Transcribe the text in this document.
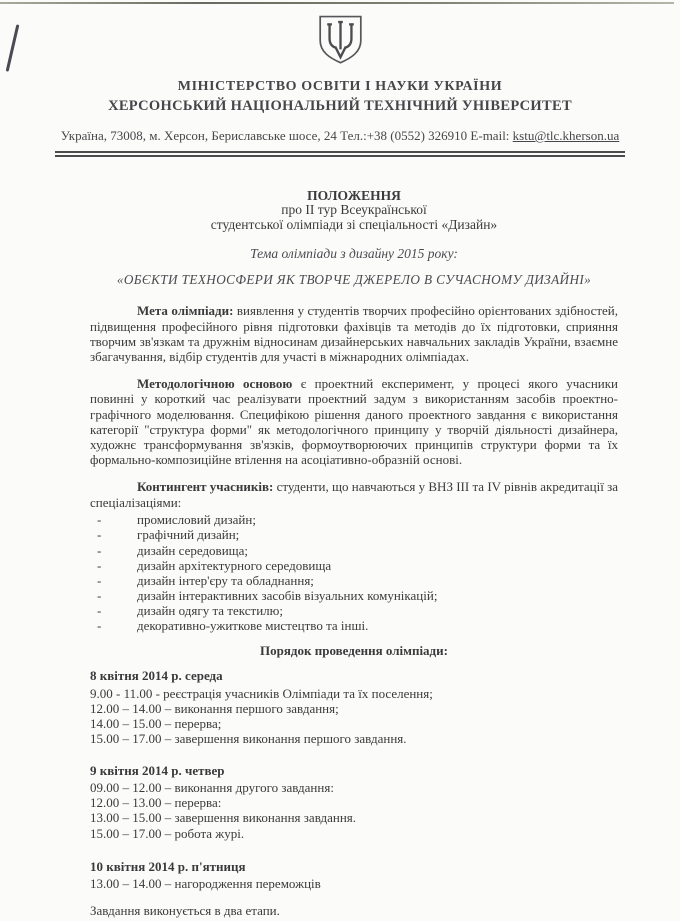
МІНІСТЕРСТВО ОСВІТИ І НАУКИ УКРАЇНИ
ХЕРСОНСЬКИЙ НАЦІОНАЛЬНИЙ ТЕХНІЧНИЙ УНІВЕРСИТЕТ
Україна, 73008, м. Херсон, Бериславське шосе, 24 Тел.:+38 (0552) 326910 E-mail: kstu@tlc.kherson.ua
ПОЛОЖЕННЯ
про II тур Всеукраїнської
студентської олімпіади зі спеціальності «Дизайн»
Тема олімпіади з дизайну 2015 року:
«ОБЄКТИ ТЕХНОСФЕРИ ЯК ТВОРЧЕ ДЖЕРЕЛО В СУЧАСНОМУ ДИЗАЙНІ»

Мета олімпіади: виявлення у студентів творчих професійно орієнтованих здібностей, підвищення професійного рівня підготовки фахівців та методів до їх підготовки, сприяння творчим зв'язкам та дружнім відносинам дизайнерських навчальних закладів України, взаємне збагачування, відбір студентів для участі в міжнародних олімпіадах.

Методологічною основою є проектний експеримент, у процесі якого учасники повинні у короткий час реалізувати проектний задум з використанням засобів проектно-графічного моделювання. Специфікою рішення даного проектного завдання є використання категорії "структура форми" як методологічного принципу у творчій діяльності дизайнера, художнє трансформування зв'язків, формоутворюючих принципів структури форми та їх формально-композиційне втілення на асоціативно-образній основі.

Контингент учасників: студенти, що навчаються у ВНЗ III та IV рівнів акредитації за спеціалізаціями:

-	промисловий дизайн;
-	графічний дизайн;
-	дизайн середовища;
-	дизайн архітектурного середовища
-	дизайн інтер'єру та обладнання;
-	дизайн інтерактивних засобів візуальних комунікацій;
-	дизайн одягу та текстилю;
-	декоративно-ужиткове мистецтво та інші.
Порядок проведення олімпіади:
8 квітня 2014 р. середа
9.00 - 11.00 - реєстрація учасників Олімпіади та їх поселення;
12.00 – 14.00 – виконання першого завдання;
14.00 – 15.00 – перерва;
15.00 – 17.00 – завершення виконання першого завдання.
9 квітня 2014 р. четвер
09.00 – 12.00 – виконання другого завдання:
12.00 – 13.00 – перерва:
13.00 – 15.00 – завершення виконання завдання.
15.00 – 17.00 – робота журі.
10 квітня 2014 р. п'ятниця
13.00 – 14.00 – нагородження переможців
Завдання виконується в два етапи.
